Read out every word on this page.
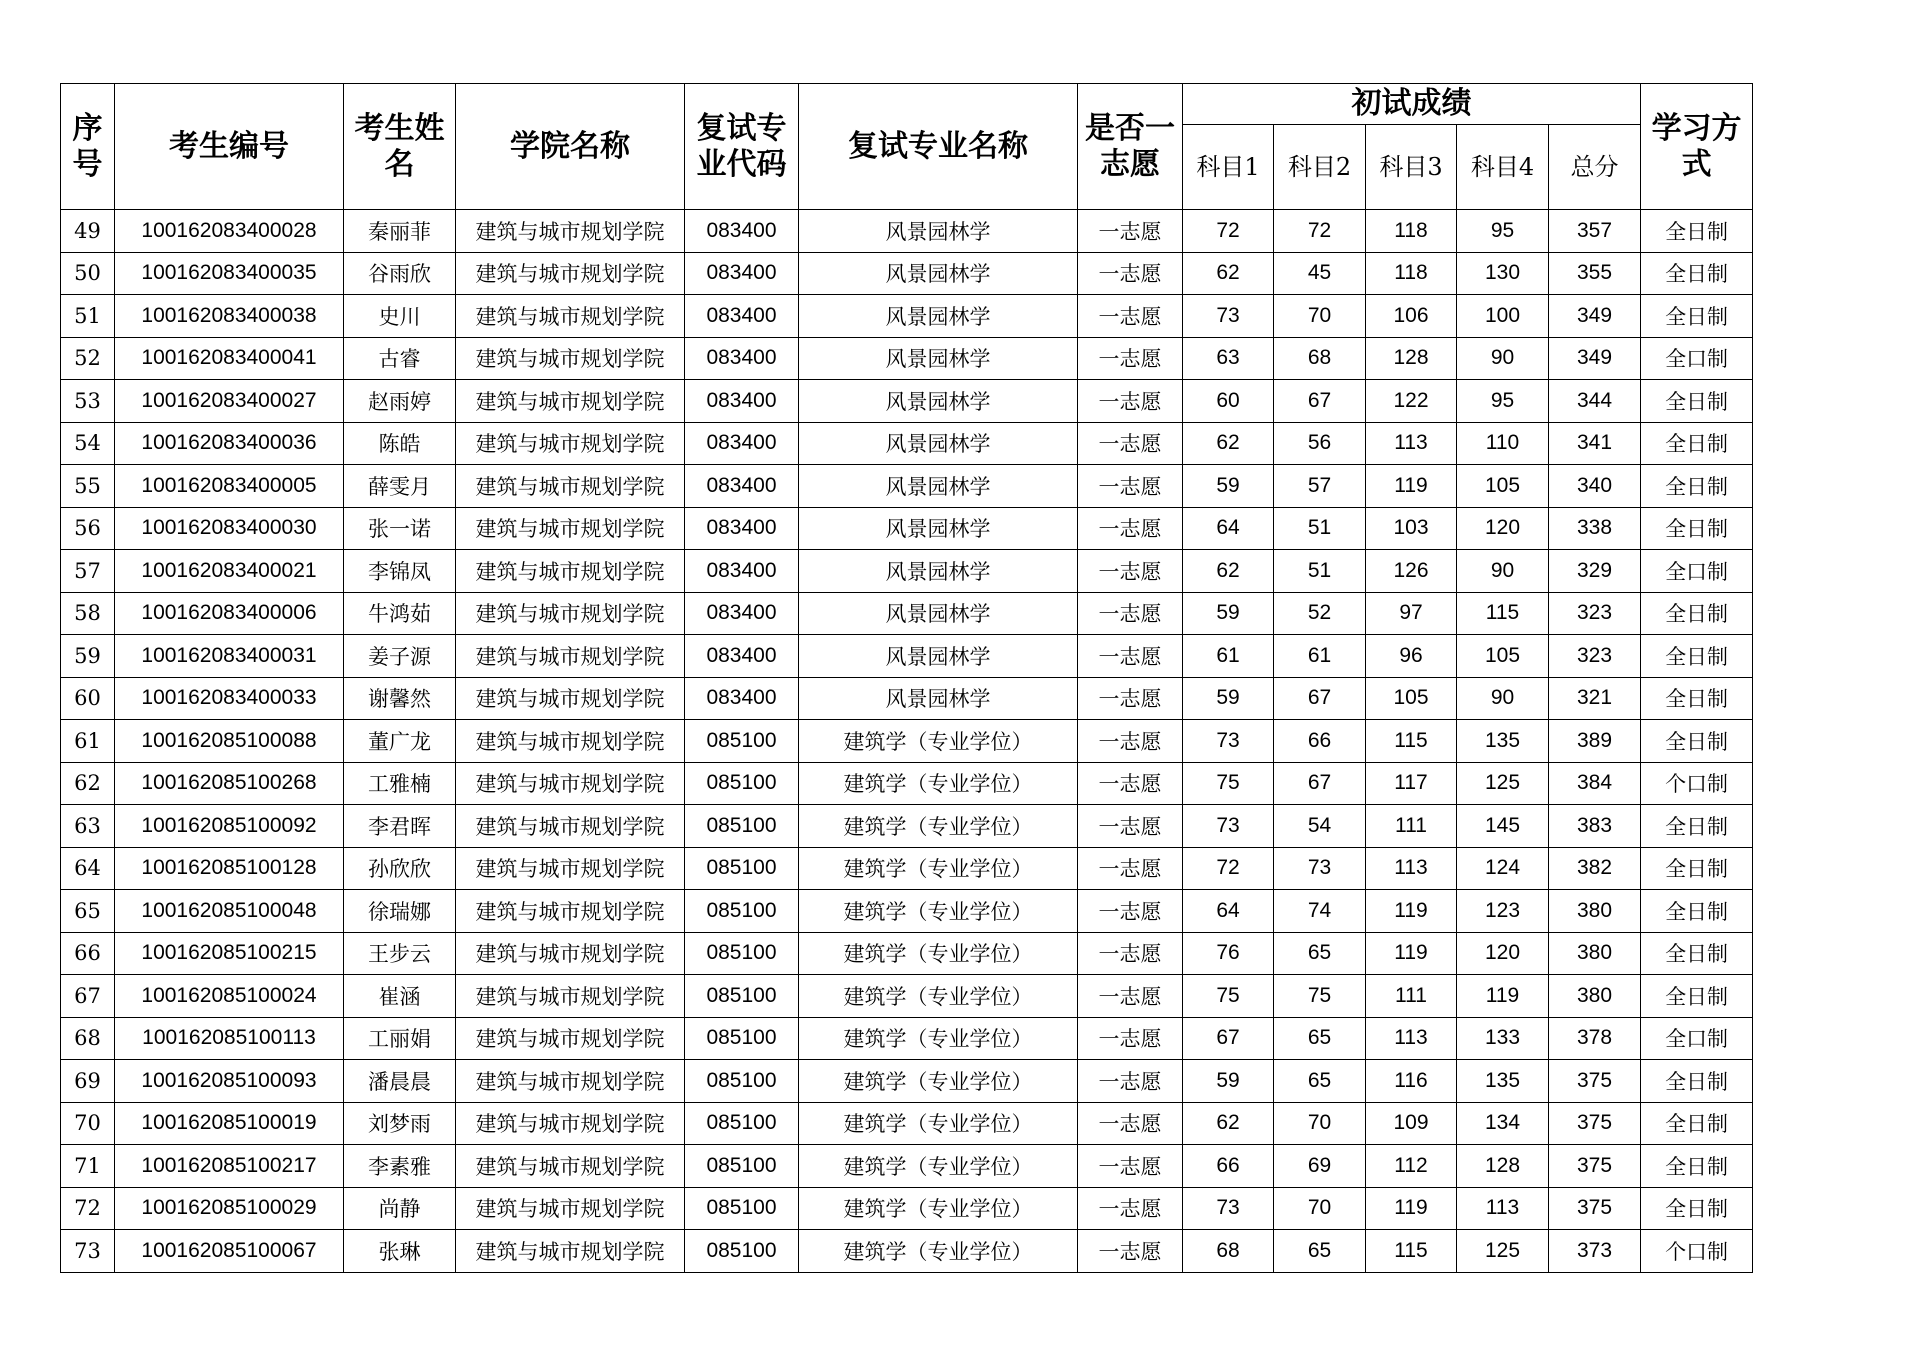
序号	考生编号	考生姓名	学院名称	复试专业代码	复试专业名称	是否一志愿	初试成绩					学习方式
							科目1	科目2	科目3	科目4	总分	
49	100162083400028	秦丽菲	建筑与城市规划学院	083400	风景园林学	一志愿	72	72	118	95	357	全日制
50	100162083400035	谷雨欣	建筑与城市规划学院	083400	风景园林学	一志愿	62	45	118	130	355	全日制
51	100162083400038	史川	建筑与城市规划学院	083400	风景园林学	一志愿	73	70	106	100	349	全日制
52	100162083400041	古睿	建筑与城市规划学院	083400	风景园林学	一志愿	63	68	128	90	349	全口制
53	100162083400027	赵雨婷	建筑与城市规划学院	083400	风景园林学	一志愿	60	67	122	95	344	全日制
54	100162083400036	陈皓	建筑与城市规划学院	083400	风景园林学	一志愿	62	56	113	110	341	全日制
55	100162083400005	薛雯月	建筑与城市规划学院	083400	风景园林学	一志愿	59	57	119	105	340	全日制
56	100162083400030	张一诺	建筑与城市规划学院	083400	风景园林学	一志愿	64	51	103	120	338	全日制
57	100162083400021	李锦凤	建筑与城市规划学院	083400	风景园林学	一志愿	62	51	126	90	329	全口制
58	100162083400006	牛鸿茹	建筑与城市规划学院	083400	风景园林学	一志愿	59	52	97	115	323	全日制
59	100162083400031	姜子源	建筑与城市规划学院	083400	风景园林学	一志愿	61	61	96	105	323	全日制
60	100162083400033	谢馨然	建筑与城市规划学院	083400	风景园林学	一志愿	59	67	105	90	321	全日制
61	100162085100088	董广龙	建筑与城市规划学院	085100	建筑学（专业学位）	一志愿	73	66	115	135	389	全日制
62	100162085100268	工雅楠	建筑与城市规划学院	085100	建筑学（专业学位）	一志愿	75	67	117	125	384	个口制
63	100162085100092	李君晖	建筑与城市规划学院	085100	建筑学（专业学位）	一志愿	73	54	111	145	383	全日制
64	100162085100128	孙欣欣	建筑与城市规划学院	085100	建筑学（专业学位）	一志愿	72	73	113	124	382	全日制
65	100162085100048	徐瑞娜	建筑与城市规划学院	085100	建筑学（专业学位）	一志愿	64	74	119	123	380	全日制
66	100162085100215	王步云	建筑与城市规划学院	085100	建筑学（专业学位）	一志愿	76	65	119	120	380	全日制
67	100162085100024	崔涵	建筑与城市规划学院	085100	建筑学（专业学位）	一志愿	75	75	111	119	380	全日制
68	100162085100113	工丽娟	建筑与城市规划学院	085100	建筑学（专业学位）	一志愿	67	65	113	133	378	全口制
69	100162085100093	潘晨晨	建筑与城市规划学院	085100	建筑学（专业学位）	一志愿	59	65	116	135	375	全日制
70	100162085100019	刘梦雨	建筑与城市规划学院	085100	建筑学（专业学位）	一志愿	62	70	109	134	375	全日制
71	100162085100217	李素雅	建筑与城市规划学院	085100	建筑学（专业学位）	一志愿	66	69	112	128	375	全日制
72	100162085100029	尚静	建筑与城市规划学院	085100	建筑学（专业学位）	一志愿	73	70	119	113	375	全日制
73	100162085100067	张琳	建筑与城市规划学院	085100	建筑学（专业学位）	一志愿	68	65	115	125	373	个口制
